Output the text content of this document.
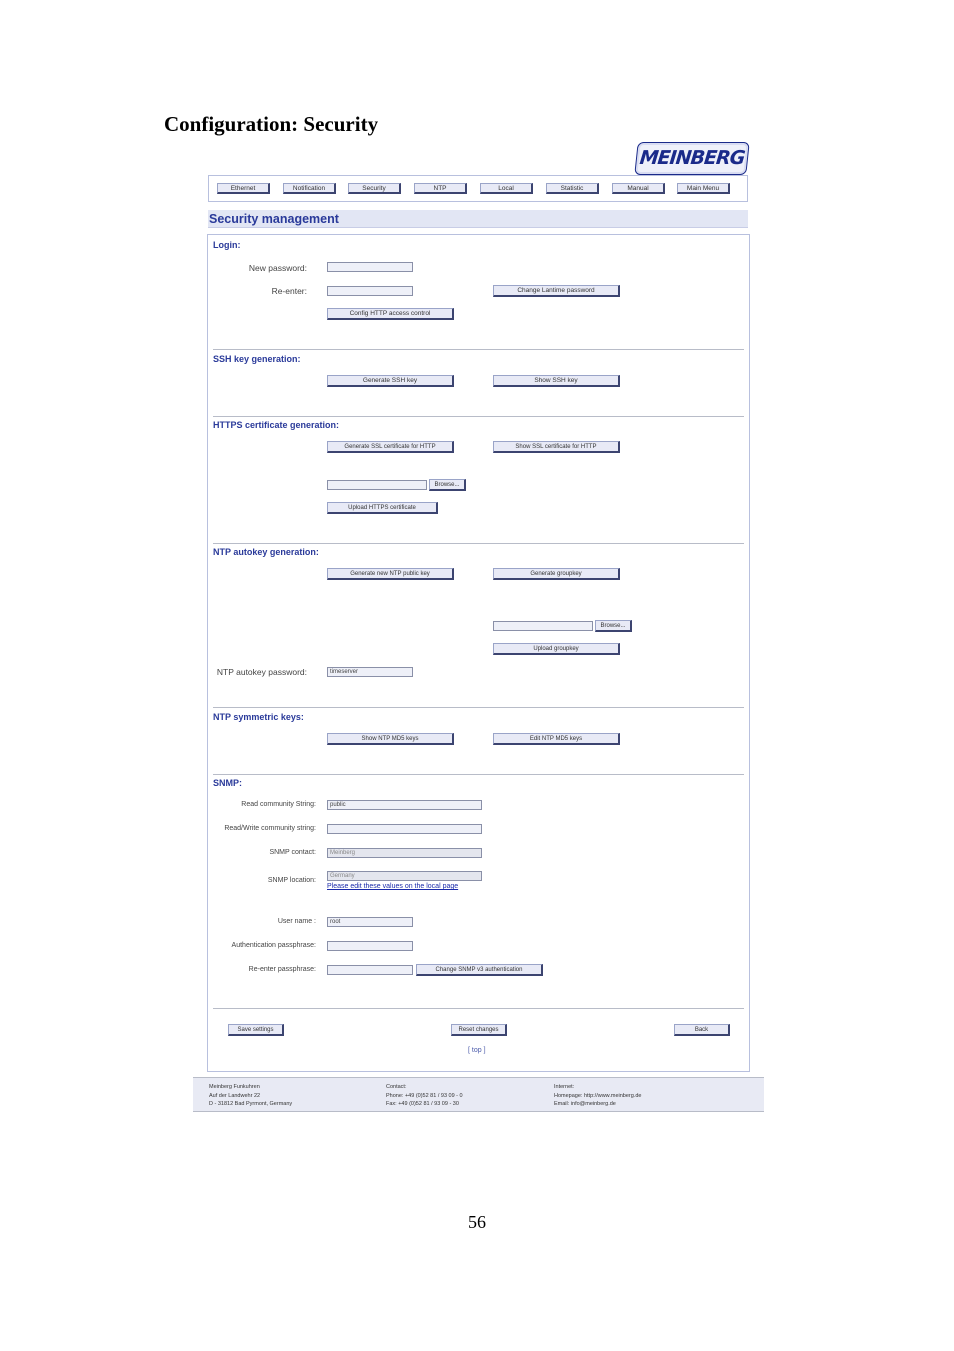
Configuration: Security
MEINBERG
Ethernet	Notification	Security	NTP	Local	Statistic	Manual	Main Menu
Security management
Login:
New password:
Re-enter:	Change Lantime password
Config HTTP access control
SSH key generation:
Generate SSH key	Show SSH key
HTTPS certificate generation:
Generate SSL certificate for HTTP	Show SSL certificate for HTTP
Browse...
Upload HTTPS certificate
NTP autokey generation:
Generate new NTP public key	Generate groupkey
Browse...
Upload groupkey
NTP autokey password:	timeserver
NTP symmetric keys:
Show NTP MD5 keys	Edit NTP MD5 keys
SNMP:
Read community String:	public
Read/Write community string:
SNMP contact:	Meinberg
SNMP location:
Germany
Please edit these values on the local page
User name :	root
Authentication passphrase:
Re-enter passphrase:	Change SNMP v3 authentication
Save settings	Reset changes	Back
[ top ]
Meinberg Funkuhren
Auf der Landwehr 22
D - 31812 Bad Pyrmont, Germany
Contact:
Phone: +49 (0)52 81 / 93 09 - 0
Fax: +49 (0)52 81 / 93 09 - 30
Internet:
Homepage: http://www.meinberg.de
Email: info@meinberg.de
56
